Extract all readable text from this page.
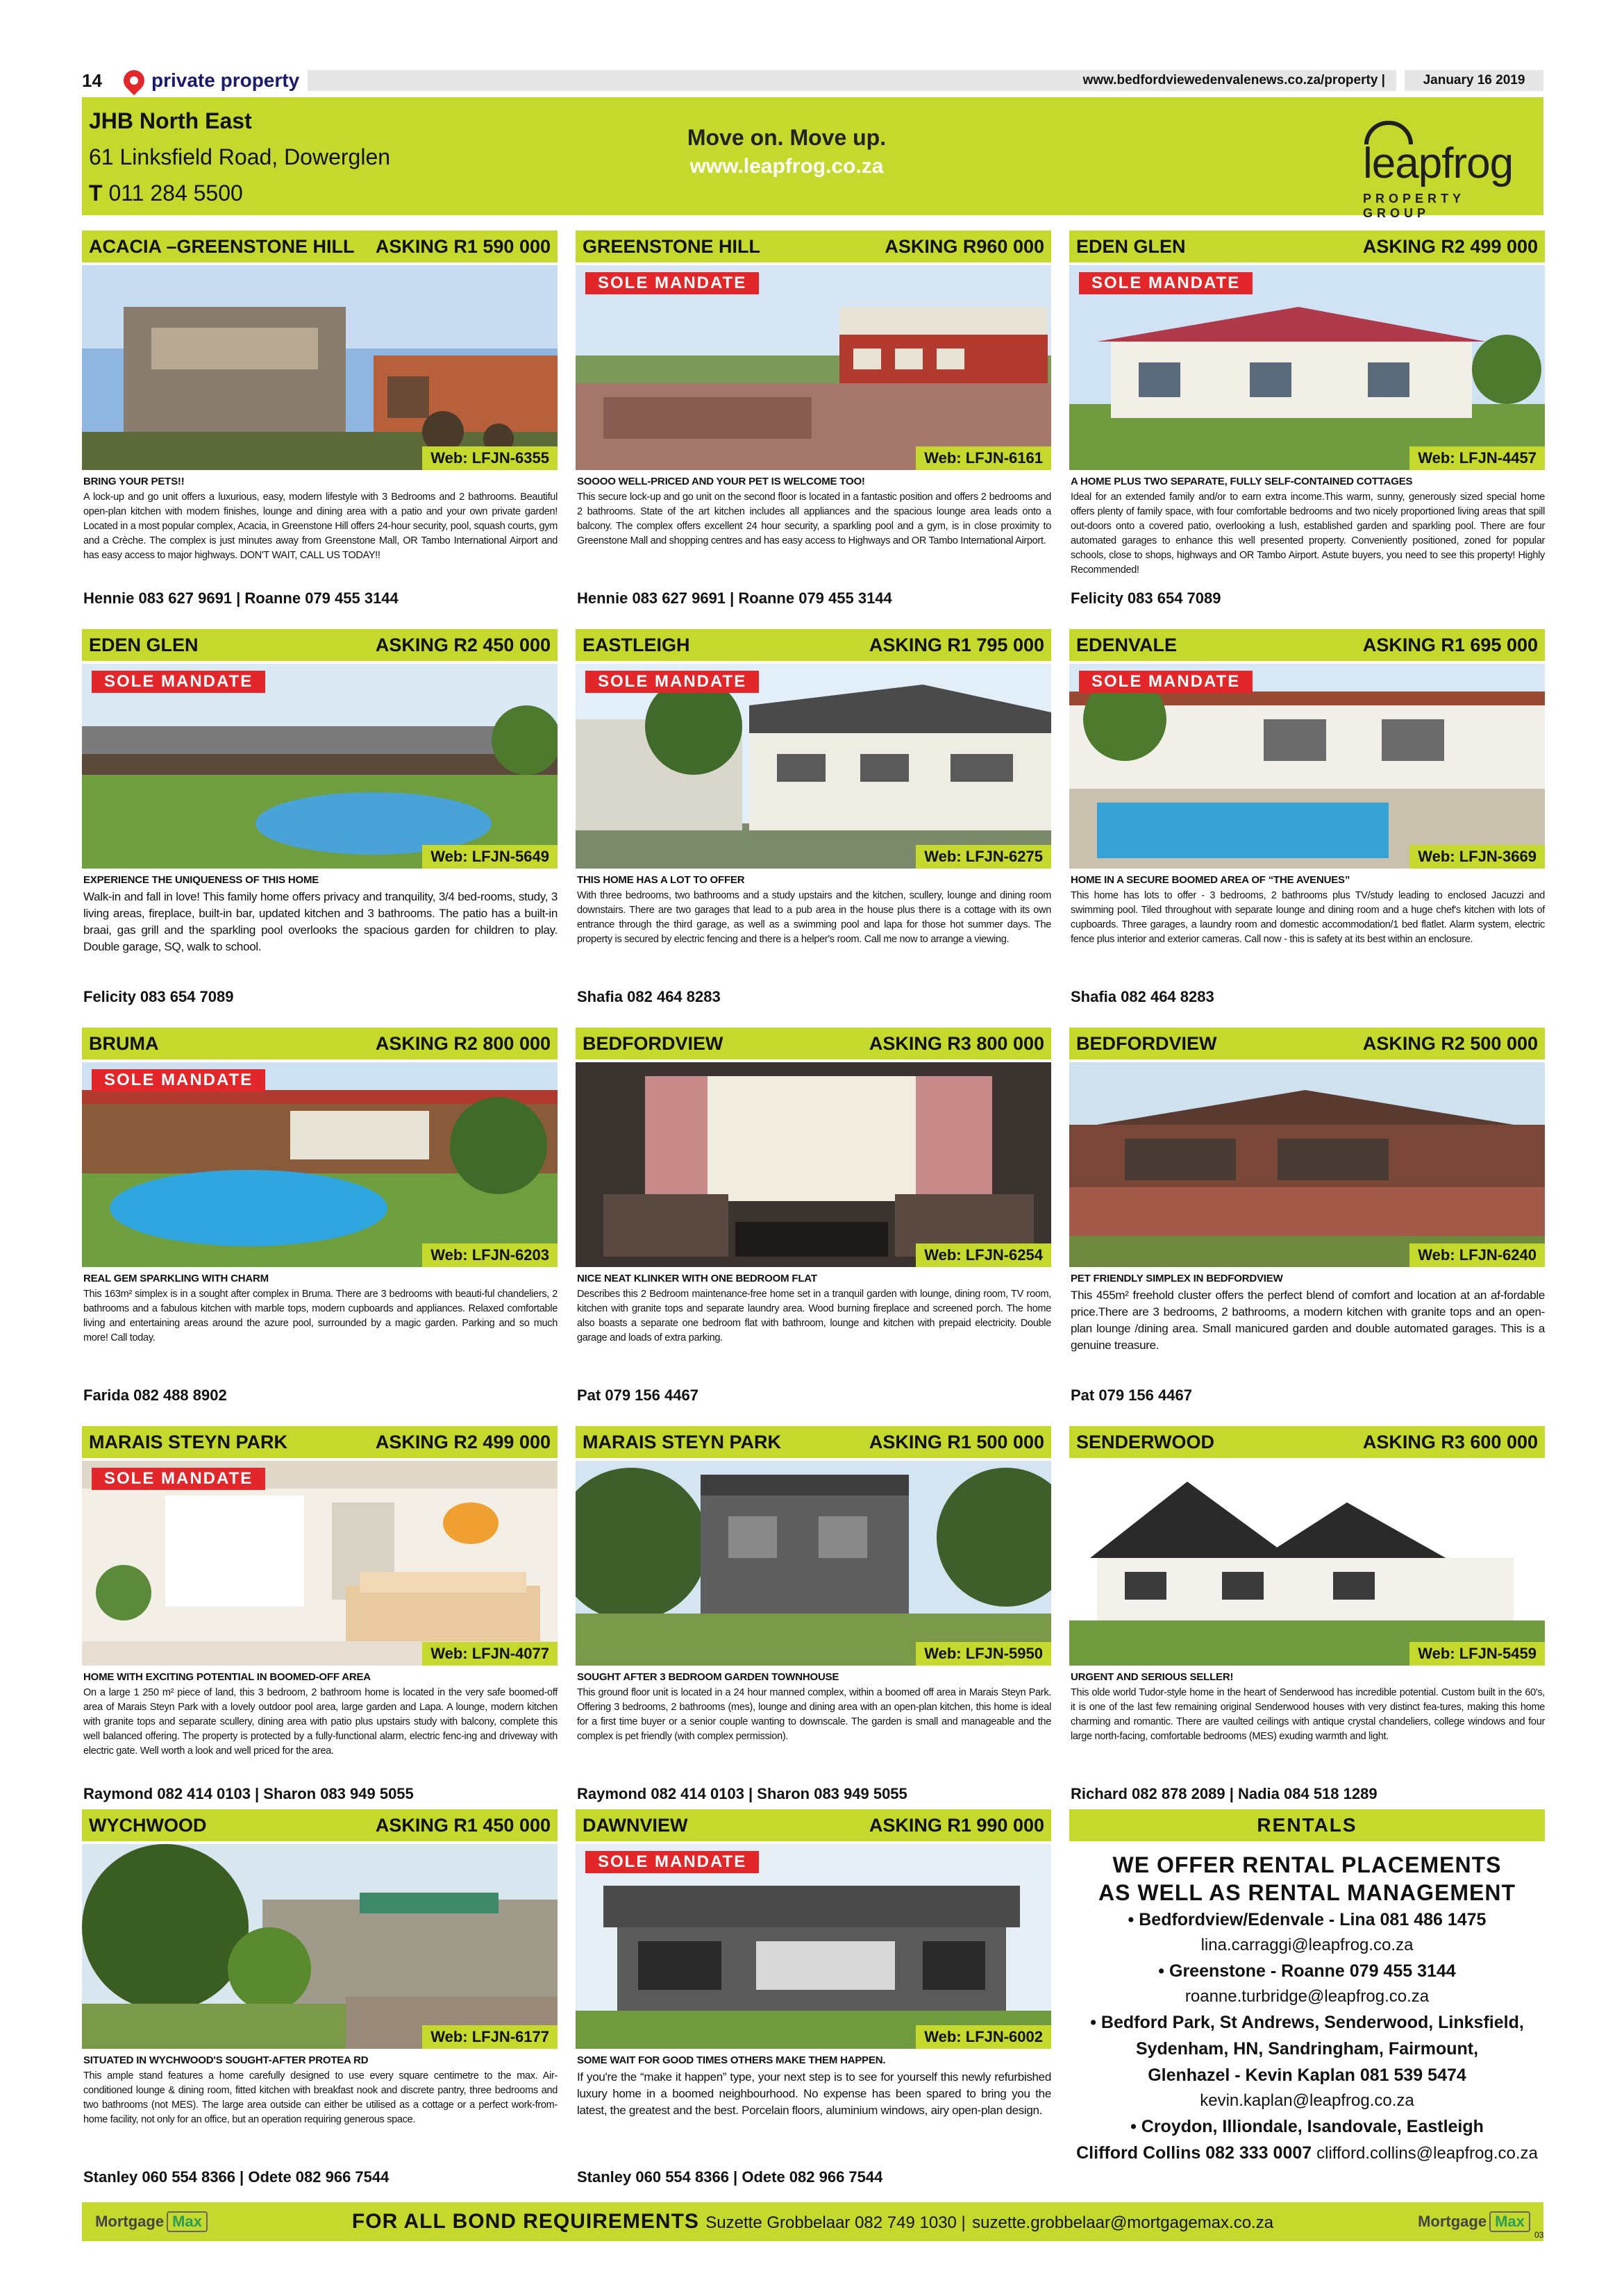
14	private property	www.bedfordviewedenvalenews.co.za/property |	January 16 2019
JHB North East
61 Linksfield Road, Dowerglen
T 011 284 5500
Move on. Move up.
www.leapfrog.co.za	leapfrog
PROPERTY GROUP
ACACIA –GREENSTONE HILL ASKING R1 590 000
Web: LFJN-6355
BRING YOUR PETS!!
A lock-up and go unit offers a luxurious, easy, modern lifestyle with 3 Bedrooms and 2 bathrooms. Beautiful open-plan kitchen with modern finishes, lounge and dining area with a patio and your own private garden! Located in a most popular complex, Acacia, in Greenstone Hill offers 24-hour security, pool, squash courts, gym and a Crèche. The complex is just minutes away from Greenstone Mall, OR Tambo International Airport and has easy access to major highways. DON'T WAIT, CALL US TODAY!!
Hennie 083 627 9691 | Roanne 079 455 3144
GREENSTONE HILL	ASKING R960 000
SOLE MANDATE
Web: LFJN-6161
SOOOO WELL-PRICED AND YOUR PET IS WELCOME TOO!
This secure lock-up and go unit on the second floor is located in a fantastic position and offers 2 bedrooms and 2 bathrooms. State of the art kitchen includes all appliances and the spacious lounge area leads onto a balcony. The complex offers excellent 24 hour security, a sparkling pool and a gym, is in close proximity to Greenstone Mall and shopping centres and has easy access to Highways and OR Tambo International Airport.
Hennie 083 627 9691 | Roanne 079 455 3144
EDEN GLEN	ASKING R2 499 000
SOLE MANDATE
Web: LFJN-4457
A HOME PLUS TWO SEPARATE, FULLY SELF-CONTAINED COTTAGES
Ideal for an extended family and/or to earn extra income.This warm, sunny, generously sized special home offers plenty of family space, with four comfortable bedrooms and two nicely proportioned living areas that spill out-doors onto a covered patio, overlooking a lush, established garden and sparkling pool. There are four automated garages to enhance this well presented property. Conveniently positioned, zoned for popular schools, close to shops, highways and OR Tambo Airport. Astute buyers, you need to see this property! Highly Recommended!
Felicity 083 654 7089
EDEN GLEN	ASKING R2 450 000
SOLE MANDATE
Web: LFJN-5649
EXPERIENCE THE UNIQUENESS OF THIS HOME
Walk-in and fall in love! This family home offers privacy and tranquility, 3/4 bed-rooms, study, 3 living areas, fireplace, built-in bar, updated kitchen and 3 bathrooms. The patio has a built-in braai, gas grill and the sparkling pool overlooks the spacious garden for children to play. Double garage, SQ, walk to school.
Felicity 083 654 7089
EASTLEIGH	ASKING R1 795 000
SOLE MANDATE
Web: LFJN-6275
THIS HOME HAS A LOT TO OFFER
With three bedrooms, two bathrooms and a study upstairs and the kitchen, scullery, lounge and dining room downstairs. There are two garages that lead to a pub area in the house plus there is a cottage with its own entrance through the third garage, as well as a swimming pool and lapa for those hot summer days. The property is secured by electric fencing and there is a helper's room. Call me now to arrange a viewing.
Shafia 082 464 8283
EDENVALE	ASKING R1 695 000
SOLE MANDATE
Web: LFJN-3669
HOME IN A SECURE BOOMED AREA OF “THE AVENUES”
This home has lots to offer - 3 bedrooms, 2 bathrooms plus TV/study leading to enclosed Jacuzzi and swimming pool. Tiled throughout with separate lounge and dining room and a huge chef's kitchen with lots of cupboards. Three garages, a laundry room and domestic accommodation/1 bed flatlet. Alarm system, electric fence plus interior and exterior cameras. Call now - this is safety at its best within an enclosure.
Shafia 082 464 8283
BRUMA	ASKING R2 800 000
SOLE MANDATE
Web: LFJN-6203
REAL GEM SPARKLING WITH CHARM
This 163m² simplex is in a sought after complex in Bruma. There are 3 bedrooms with beauti-ful chandeliers, 2 bathrooms and a fabulous kitchen with marble tops, modern cupboards and appliances. Relaxed comfortable living and entertaining areas around the azure pool, surrounded by a magic garden. Parking and so much more! Call today.
Farida 082 488 8902
BEDFORDVIEW	ASKING R3 800 000
Web: LFJN-6254
NICE NEAT KLINKER WITH ONE BEDROOM FLAT
Describes this 2 Bedroom maintenance-free home set in a tranquil garden with lounge, dining room, TV room, kitchen with granite tops and separate laundry area. Wood burning fireplace and screened porch. The home also boasts a separate one bedroom flat with bathroom, lounge and kitchen with prepaid electricity. Double garage and loads of extra parking.
Pat 079 156 4467
BEDFORDVIEW	ASKING R2 500 000
Web: LFJN-6240
PET FRIENDLY SIMPLEX IN BEDFORDVIEW
This 455m² freehold cluster offers the perfect blend of comfort and location at an af-fordable price.There are 3 bedrooms, 2 bathrooms, a modern kitchen with granite tops and an open-plan lounge /dining area. Small manicured garden and double automated garages. This is a genuine treasure.
Pat 079 156 4467
MARAIS STEYN PARK	ASKING R2 499 000
SOLE MANDATE
Web: LFJN-4077
HOME WITH EXCITING POTENTIAL IN BOOMED-OFF AREA
On a large 1 250 m² piece of land, this 3 bedroom, 2 bathroom home is located in the very safe boomed-off area of Marais Steyn Park with a lovely outdoor pool area, large garden and Lapa. A lounge, modern kitchen with granite tops and separate scullery, dining area with patio plus upstairs study with balcony, complete this well balanced offering. The property is protected by a fully-functional alarm, electric fenc-ing and driveway with electric gate. Well worth a look and well priced for the area.
Raymond 082 414 0103 | Sharon 083 949 5055
MARAIS STEYN PARK	ASKING R1 500 000
Web: LFJN-5950
SOUGHT AFTER 3 BEDROOM GARDEN TOWNHOUSE
This ground floor unit is located in a 24 hour manned complex, within a boomed off area in Marais Steyn Park. Offering 3 bedrooms, 2 bathrooms (mes), lounge and dining area with an open-plan kitchen, this home is ideal for a first time buyer or a senior couple wanting to downscale. The garden is small and manageable and the complex is pet friendly (with complex permission).
Raymond 082 414 0103 | Sharon 083 949 5055
SENDERWOOD	ASKING R3 600 000
Web: LFJN-5459
URGENT AND SERIOUS SELLER!
This olde world Tudor-style home in the heart of Senderwood has incredible potential. Custom built in the 60's, it is one of the last few remaining original Senderwood houses with very distinct fea-tures, making this home charming and romantic. There are vaulted ceilings with antique crystal chandeliers, college windows and four large north-facing, comfortable bedrooms (MES) exuding warmth and light.
Richard 082 878 2089 | Nadia 084 518 1289
WYCHWOOD	ASKING R1 450 000
Web: LFJN-6177
SITUATED IN WYCHWOOD'S SOUGHT-AFTER PROTEA RD
This ample stand features a home carefully designed to use every square centimetre to the max. Air-conditioned lounge & dining room, fitted kitchen with breakfast nook and discrete pantry, three bedrooms and two bathrooms (not MES). The large area outside can either be utilised as a cottage or a perfect work-from-home facility, not only for an office, but an operation requiring generous space.
Stanley 060 554 8366 | Odete 082 966 7544
DAWNVIEW	ASKING R1 990 000
SOLE MANDATE
Web: LFJN-6002
SOME WAIT FOR GOOD TIMES OTHERS MAKE THEM HAPPEN.
If you're the “make it happen” type, your next step is to see for yourself this newly refurbished luxury home in a boomed neighbourhood. No expense has been spared to bring you the latest, the greatest and the best. Porcelain floors, aluminium windows, airy open-plan design.
Stanley 060 554 8366 | Odete 082 966 7544
RENTALS
WE OFFER RENTAL PLACEMENTS
AS WELL AS RENTAL MANAGEMENT
• Bedfordview/Edenvale - Lina 081 486 1475
lina.carraggi@leapfrog.co.za
• Greenstone - Roanne 079 455 3144
roanne.turbridge@leapfrog.co.za
• Bedford Park, St Andrews, Senderwood, Linksfield,
Sydenham, HN, Sandringham, Fairmount,
Glenhazel - Kevin Kaplan 081 539 5474
kevin.kaplan@leapfrog.co.za
• Croydon, Illiondale, Isandovale, Eastleigh
Clifford Collins 082 333 0007 clifford.collins@leapfrog.co.za
Mortgage Max	FOR ALL BOND REQUIREMENTS Suzette Grobbelaar 082 749 1030 | suzette.grobbelaar@mortgagemax.co.za	Mortgage Max
03
